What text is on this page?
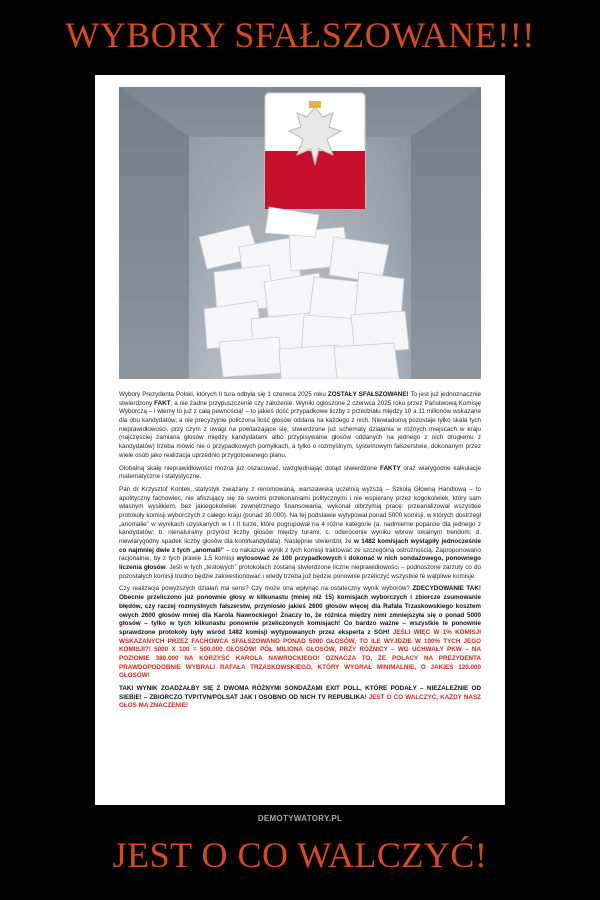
WYBORY SFAŁSZOWANE!!!

Wybory Prezydenta Polski, których II tura odbyła się 1 czerwca 2025 roku ZOSTAŁY SFAŁSZOWANE! To jest już jednoznacznie stwierdzony FAKT, a nie żadne przypuszczenie czy założenie. Wyniki ogłoszone 2 czerwca 2025 roku przez Państwową Komisję Wyborczą – i wiemy to już z całą pewnością! – to jakieś dość przypadkowe liczby z przedziału między 10 a 11 milionów wskazane dla obu kandydatów, a nie precyzyjnie policzona ilość głosów oddana na każdego z nich. Niewiadomą pozostaje tylko skala tych nieprawidłowości, przy czym z uwagi na powtarzające się, stwierdzone już schematy działania w różnych miejscach w kraju (najczęściej zamiana głosów między kandydatami albo przypisywanie głosów oddanych na jednego z nich drugiemu z kandydatów) trzeba mówić nie o przypadkowych pomyłkach, a tylko o rozmyślnym, systemowym fałszerstwie, dokonanym przez wiele osób jako realizacja uprzednio przygotowanego planu.

Globalną skalę nieprawidłowości można już oszacować, uwzględniając dotąd stwierdzone FAKTY oraz wiarygodne kalkulacje matematyczne i statystyczne.

Pan dr Krzysztof Kontek, statystyk związany z renomowaną, warszawską uczelnią wyższą – Szkołą Główną Handlową – to apolityczny fachowiec, nie afiszujący się ze swoimi przekonaniami politycznymi i nie wspierany przez kogokolwiek, który sam własnym wysiłkiem, bez jakiegokolwiek zewnętrznego finansowania, wykonał olbrzymią pracę: przeanalizował wszystkie protokoły komisji wyborczych z całego kraju (ponad 30.000). Na tej podstawie wytypował ponad 5000 komisji, w których dostrzegł „anomalie” w wynikach uzyskanych w I i II turze, które pogrupował na 4 różne kategorie (a. nadmierne poparcie dla jednego z kandydatów; b. nienaturalny przyrost liczby głosów między turami; c. odwrócenie wyniku wbrew lokalnym trendom; d. niewiarygodny spadek liczby głosów dla kontrkandydata). Następnie stwierdził, że w 1482 komisjach wystąpiły jednocześnie co najmniej dwie z tych „anomalii” – co nakazuje wynik z tych komisji traktować ze szczególną ostrożnością. Zaproponowano racjonalnie, by z tych prawie 1,5 komisji wylosować ze 100 przypadkowych i dokonać w nich sondażowego, ponownego liczenia głosów. Jeśli w tych „testowych” protokołach zostaną stwierdzone liczne nieprawidłowości – podnoszone zarzuty co do pozostałych komisji trudno będzie zakwestionować i wtedy trzeba już będzie ponownie przeliczyć wszystkie te wątpliwe komisje.

Czy realizacja powyższych działań ma sens? Czy może ona wpłynąć na ostateczny wynik wyborów? ZDECYDOWANIE TAK! Obecnie przeliczono już ponownie głosy w kilkunastu (mniej niż 15) komisjach wyborczych i zbiorcze zsumowanie błędów, czy raczej rozmyślnych fałszerstw, przyniosło jakieś 2600 głosów więcej dla Rafała Trzaskowskiego kosztem owych 2600 głosów mniej dla Karola Nawrockiego! Znaczy to, że różnica między nimi zmniejszyła się o ponad 5000 głosów – tylko w tych kilkunastu ponownie przeliczonych komisjach! Co bardzo ważne – wszystkie te ponownie sprawdzone protokoły były wśród 1482 komisji wytypowanych przez eksperta z SGH! JEŚLI WIĘC W 1% KOMISJI WSKAZANYCH PRZEZ FACHOWCA SFAŁSZOWANO PONAD 5000 GŁOSÓW, TO ILE WYJDZIE W 100% TYCH JEGO KOMISJI?! 5000 X 100 = 500.000 GŁOSÓW! PÓŁ MILIONA GŁOSÓW, PRZY RÓŻNICY – WG UCHWAŁY PKW – NA POZIOMIE 380.000 NA KORZYŚĆ KAROLA NAWROCKIEGO! OZNACZA TO, ŻE POLACY NA PREZYDENTA PRAWDOPODOBNIE WYBRALI RAFAŁA TRZASKOWSKIEGO, KTÓRY WYGRAŁ MINIMALNIE, O JAKIEŚ 120.000 GŁOSÓW!

TAKI WYNIK ZGADZAŁBY SIĘ Z DWOMA RÓŻNYMI SONDAŻAMI EXIT POLL, KTÓRE PODAŁY – NIEZALEŻNIE OD SIEBIE! – ZBIORCZO TVP/TVN/POLSAT JAK I OSOBNO OD NICH TV REPUBLIKA! JEST O CO WALCZYĆ, KAŻDY NASZ GŁOS MA ZNACZENIE!

DEMOTYWATORY.PL
JEST O CO WALCZYĆ!
